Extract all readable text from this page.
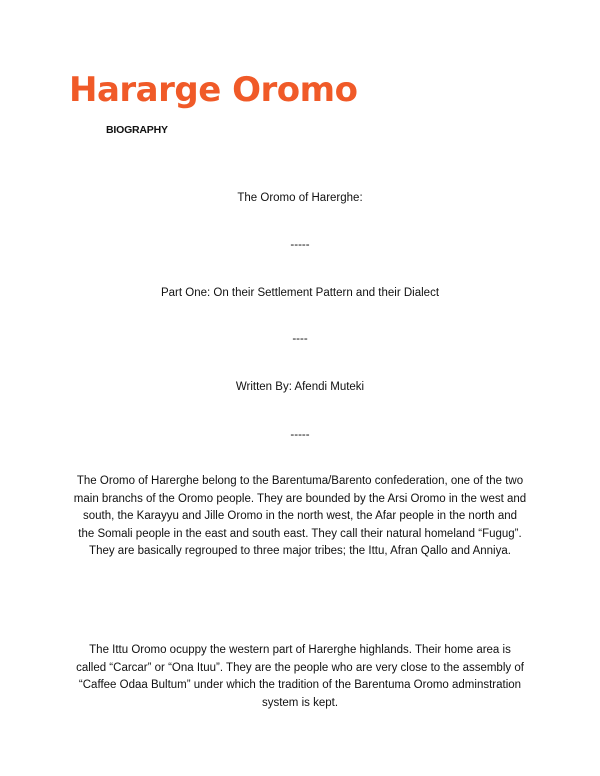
Hararge Oromo

BIOGRAPHY

The Oromo of Harerghe:

-----

Part One: On their Settlement Pattern and their Dialect

----

Written By: Afendi Muteki

-----

The Oromo of Harerghe belong to the Barentuma/Barento confederation, one of the two
main branchs of the Oromo people. They are bounded by the Arsi Oromo in the west and
south, the Karayyu and Jille Oromo in the north west, the Afar people in the north and
the Somali people in the east and south east. They call their natural homeland “Fugug”.
They are basically regrouped to three major tribes; the Ittu, Afran Qallo and Anniya.
The Ittu Oromo ocuppy the western part of Harerghe highlands. Their home area is
called “Carcar” or “Ona Ituu”. They are the people who are very close to the assembly of
“Caffee Odaa Bultum” under which the tradition of the Barentuma Oromo adminstration
system is kept.
